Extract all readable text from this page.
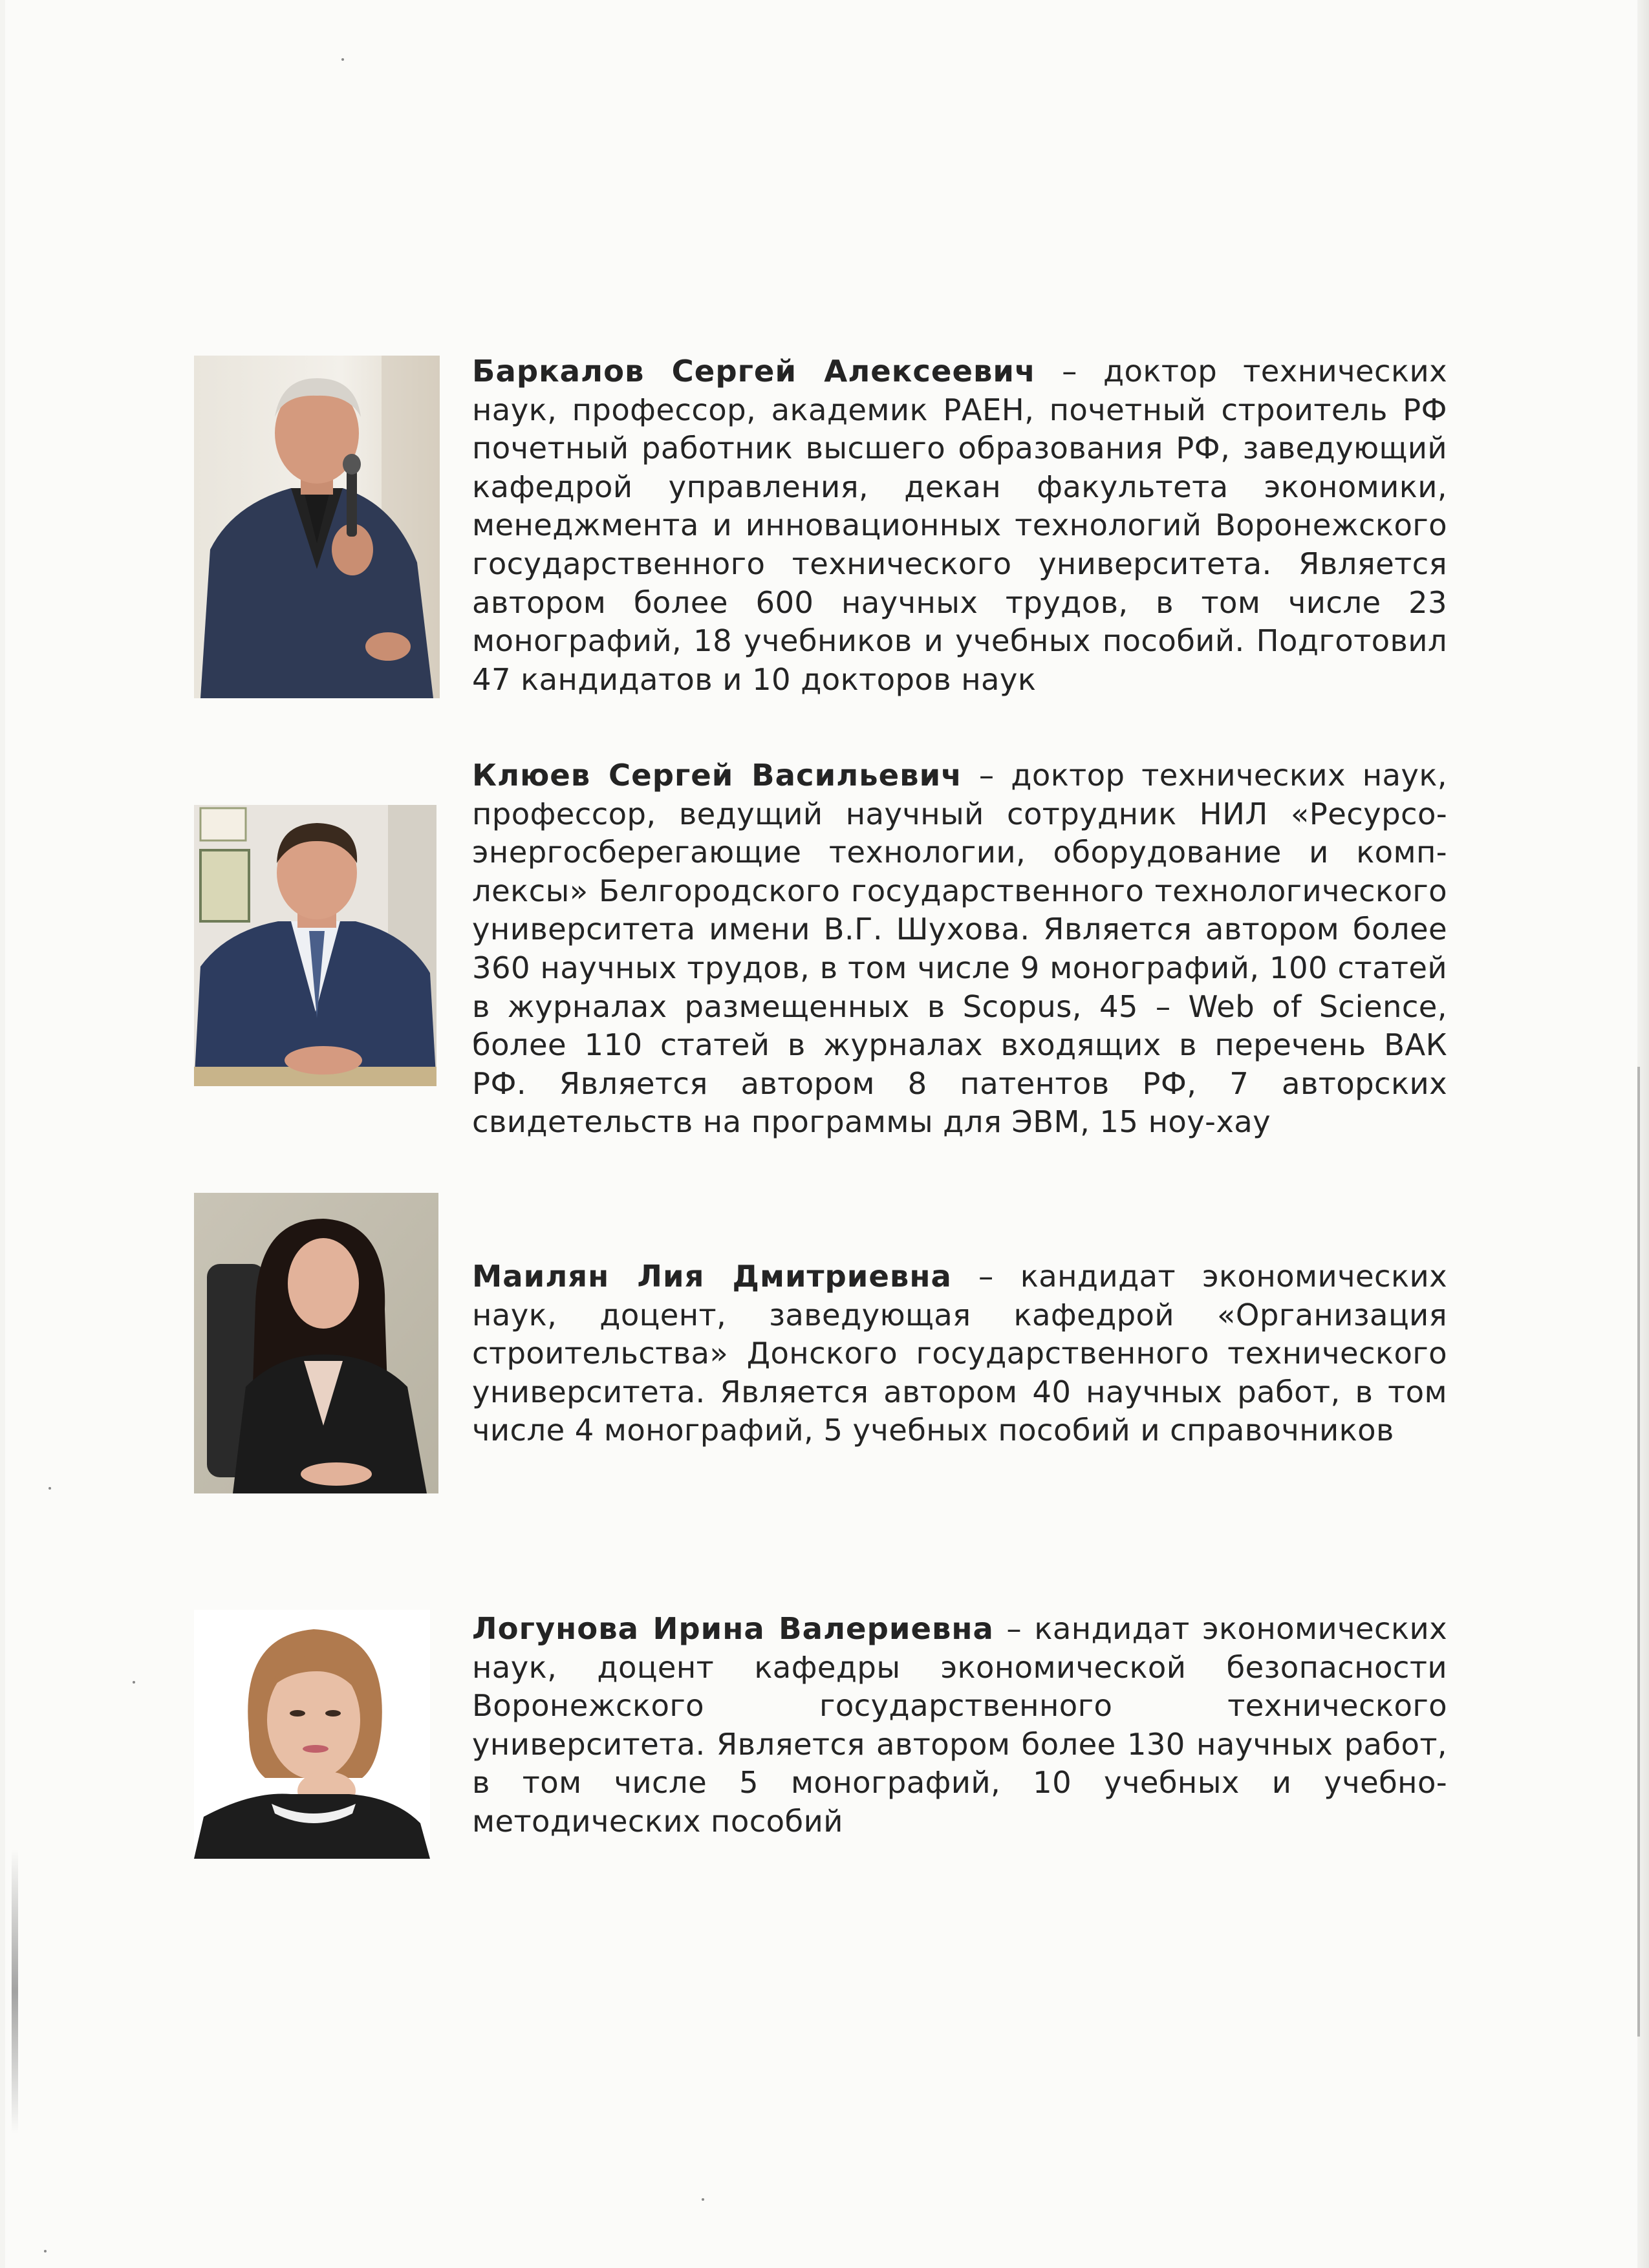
Баркалов Сергей Алексеевич – доктор технических наук, профессор, академик РАЕН, почетный строитель РФ почетный работник высшего образования РФ, заведующий кафедрой управления, декан факультета экономики, менеджмента и инновационных технологий Воронежского государственного технического университета. Является автором более 600 научных трудов, в том числе 23 монографий, 18 учебников и учебных пособий. Подготовил 47 кандидатов и 10 докторов наук
Клюев Сергей Васильевич – доктор технических наук, профессор, ведущий научный сотрудник НИЛ «Ресурсо-энергосберегающие технологии, оборудование и комп-лексы» Белгородского государственного технологического университета имени В.Г. Шухова. Является автором более 360 научных трудов, в том числе 9 монографий, 100 статей в журналах размещенных в Scopus, 45 – Web of Science, более 110 статей в журналах входящих в перечень ВАК РФ. Является автором 8 патентов РФ, 7 авторских свидетельств на программы для ЭВМ, 15 ноу-хау
Маилян Лия Дмитриевна – кандидат экономических наук, доцент, заведующая кафедрой «Организация строительства» Донского государственного технического университета. Является автором 40 научных работ, в том числе 4 монографий, 5 учебных пособий и справочников
Логунова Ирина Валериевна – кандидат экономических наук, доцент кафедры экономической безопасности Воронежского государственного технического университета. Является автором более 130 научных работ, в том числе 5 монографий, 10 учебных и учебно-методических пособий
